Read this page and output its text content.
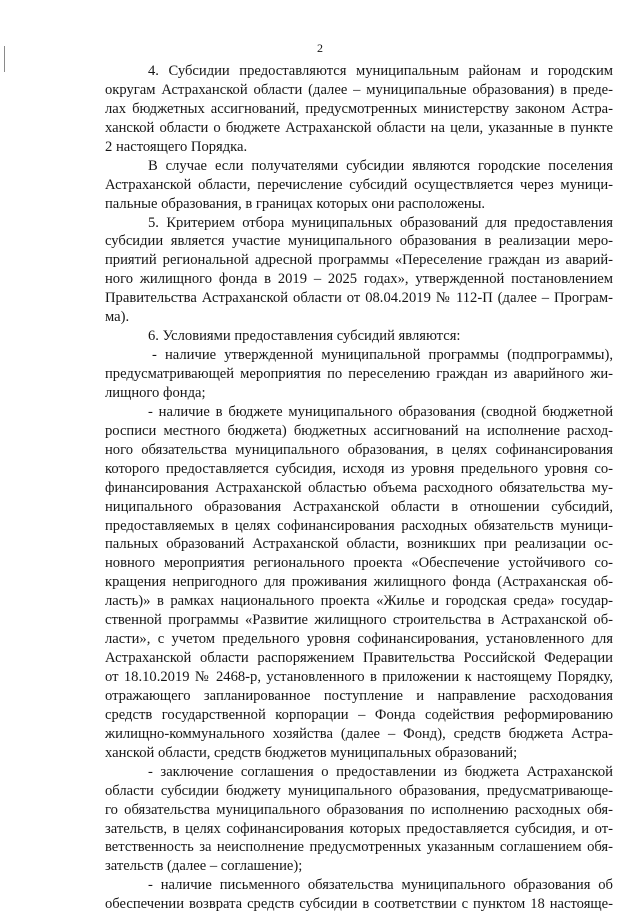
2
4. Субсидии предоставляются муниципальным районам и городским
округам Астраханской области (далее – муниципальные образования) в преде-
лах бюджетных ассигнований, предусмотренных министерству законом Астра-
ханской области о бюджете Астраханской области на цели, указанные в пункте
2 настоящего Порядка.
В случае если получателями субсидии являются городские поселения
Астраханской области, перечисление субсидий осуществляется через муници-
пальные образования, в границах которых они расположены.
5. Критерием отбора муниципальных образований для предоставления
субсидии является участие муниципального образования в реализации меро-
приятий региональной адресной программы «Переселение граждан из аварий-
ного жилищного фонда в 2019 – 2025 годах», утвержденной постановлением
Правительства Астраханской области от 08.04.2019 № 112-П (далее – Програм-
ма).
6. Условиями предоставления субсидий являются:
- наличие утвержденной муниципальной программы (подпрограммы),
предусматривающей мероприятия по переселению граждан из аварийного жи-
лищного фонда;
- наличие в бюджете муниципального образования (сводной бюджетной
росписи местного бюджета) бюджетных ассигнований на исполнение расход-
ного обязательства муниципального образования, в целях софинансирования
которого предоставляется субсидия, исходя из уровня предельного уровня со-
финансирования Астраханской областью объема расходного обязательства му-
ниципального образования Астраханской области в отношении субсидий,
предоставляемых в целях софинансирования расходных обязательств муници-
пальных образований Астраханской области, возникших при реализации ос-
новного мероприятия регионального проекта «Обеспечение устойчивого со-
кращения непригодного для проживания жилищного фонда (Астраханская об-
ласть)» в рамках национального проекта «Жилье и городская среда» государ-
ственной программы «Развитие жилищного строительства в Астраханской об-
ласти», с учетом предельного уровня софинансирования, установленного для
Астраханской области распоряжением Правительства Российской Федерации
от 18.10.2019 № 2468-р, установленного в приложении к настоящему Порядку,
отражающего запланированное поступление и направление расходования
средств государственной корпорации – Фонда содействия реформированию
жилищно-коммунального хозяйства (далее – Фонд), средств бюджета Астра-
ханской области, средств бюджетов муниципальных образований;
- заключение соглашения о предоставлении из бюджета Астраханской
области субсидии бюджету муниципального образования, предусматривающе-
го обязательства муниципального образования по исполнению расходных обя-
зательств, в целях софинансирования которых предоставляется субсидия, и от-
ветственность за неисполнение предусмотренных указанным соглашением обя-
зательств (далее – соглашение);
- наличие письменного обязательства муниципального образования об
обеспечении возврата средств субсидии в соответствии с пунктом 18 настояще-
